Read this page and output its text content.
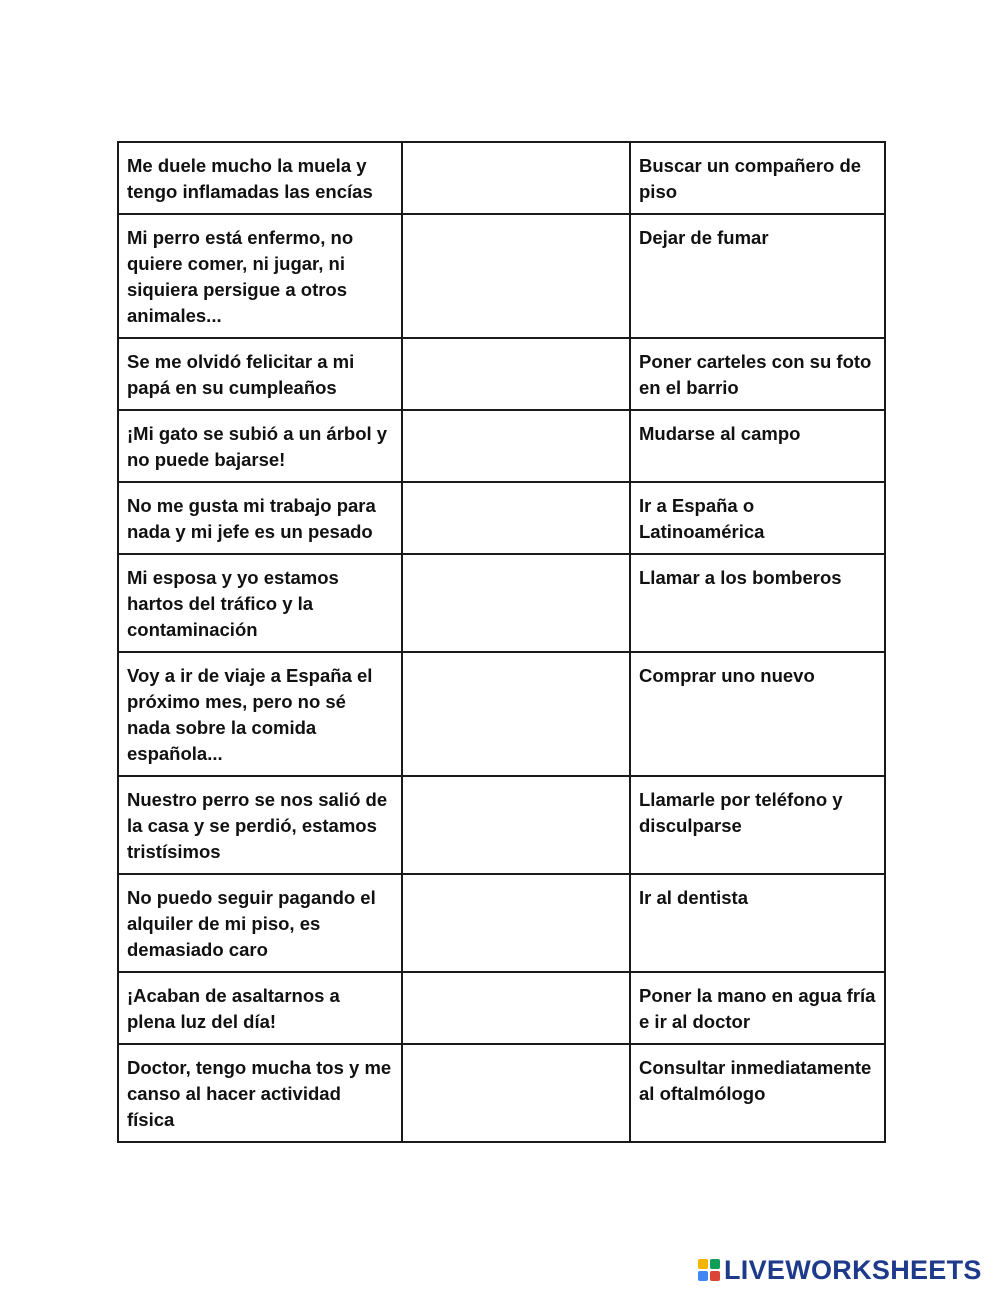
Me duele mucho la muela y tengo inflamadas las encías		Buscar un compañero de piso

Mi perro está enfermo, no quiere comer, ni jugar, ni siquiera persigue a otros animales...		Dejar de fumar

Se me olvidó felicitar a mi papá en su cumpleaños		Poner carteles con su foto en el barrio

¡Mi gato se subió a un árbol y no puede bajarse!		Mudarse al campo

No me gusta mi trabajo para nada y mi jefe es un pesado		Ir a España o Latinoamérica

Mi esposa y yo estamos hartos del tráfico y la contaminación		Llamar a los bomberos

Voy a ir de viaje a España el próximo mes, pero no sé nada sobre la comida española...		Comprar uno nuevo

Nuestro perro se nos salió de la casa y se perdió, estamos tristísimos		Llamarle por teléfono y disculparse

No puedo seguir pagando el alquiler de mi piso, es demasiado caro		Ir al dentista

¡Acaban de asaltarnos a plena luz del día!		Poner la mano en agua fría e ir al doctor

Doctor, tengo mucha tos y me canso al hacer actividad física		Consultar inmediatamente al oftalmólogo
LIVEWORKSHEETS
